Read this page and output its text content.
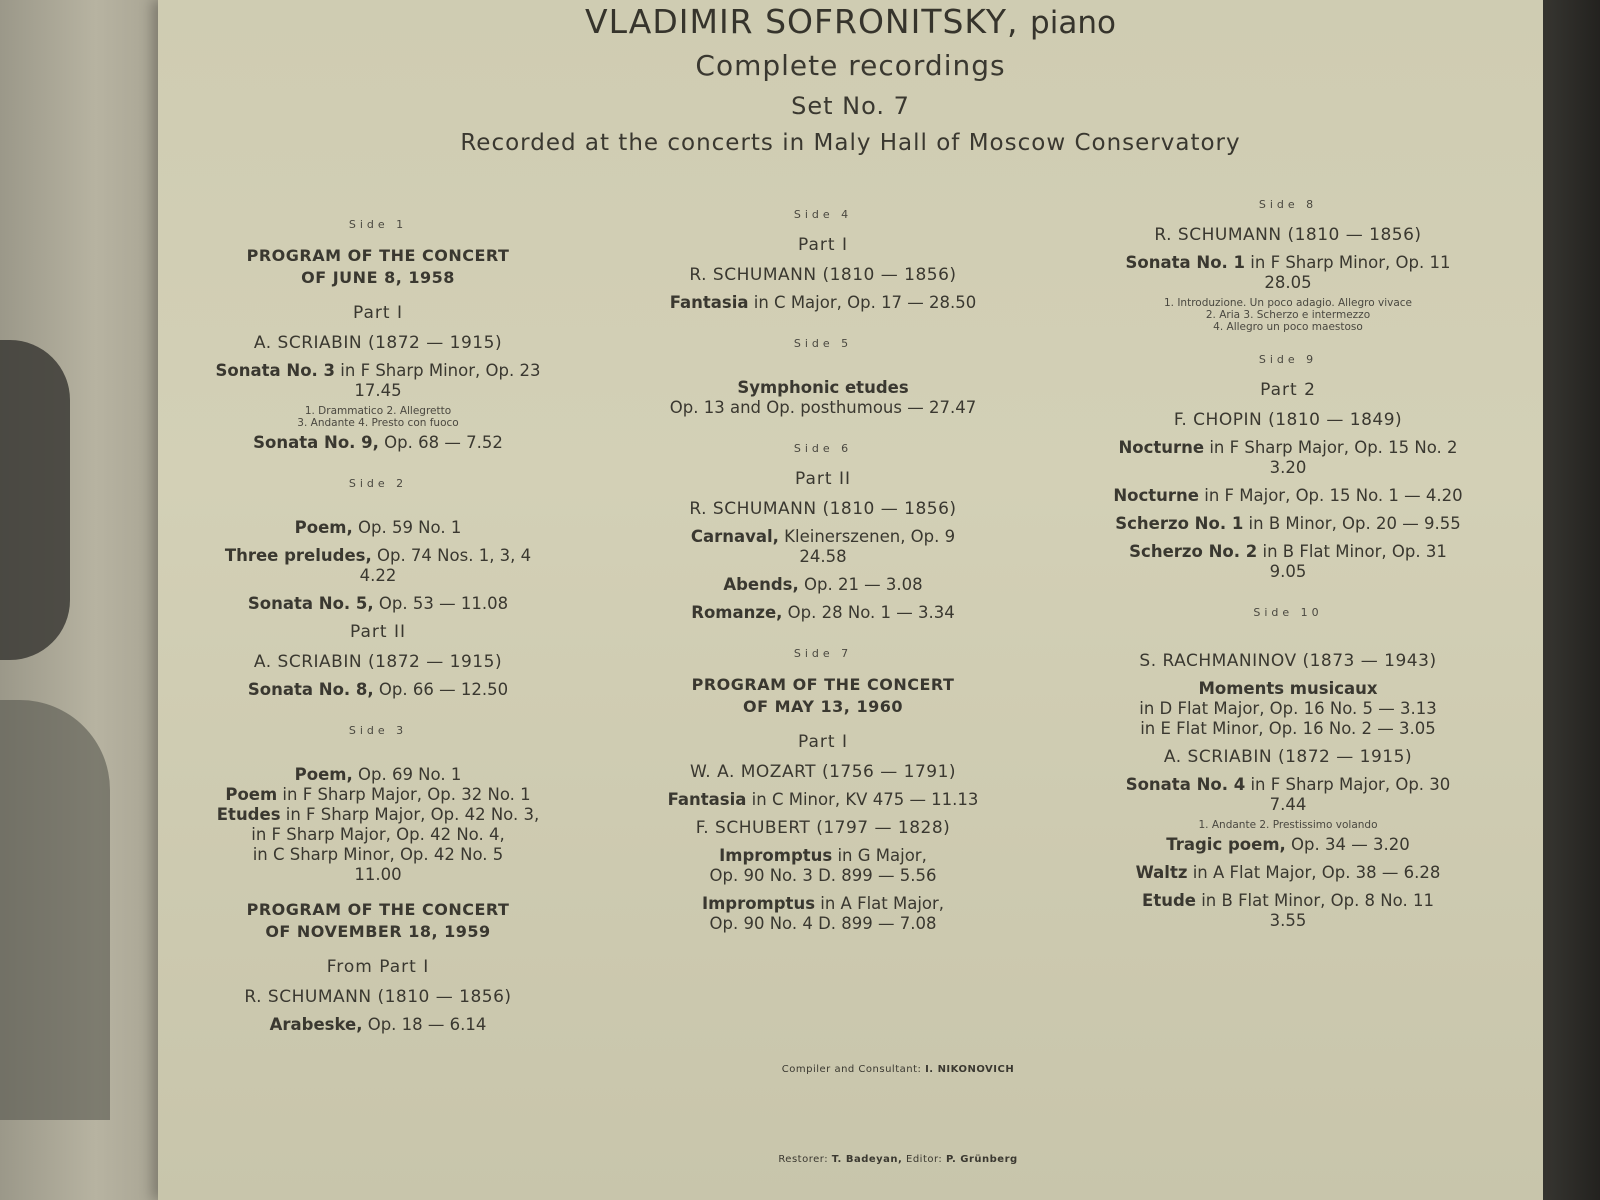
VLADIMIR SOFRONITSKY, piano
Complete recordings
Set No. 7
Recorded at the concerts in Maly Hall of Moscow Conservatory
Side 1
PROGRAM OF THE CONCERT
OF JUNE 8, 1958
Part I
A. SCRIABIN (1872 — 1915)
Sonata No. 3 in F Sharp Minor, Op. 23
17.45
1. Drammatico 2. Allegretto
3. Andante 4. Presto con fuoco
Sonata No. 9, Op. 68 — 7.52
Side 2
Poem, Op. 59 No. 1
Three preludes, Op. 74 Nos. 1, 3, 4
4.22
Sonata No. 5, Op. 53 — 11.08
Part II
A. SCRIABIN (1872 — 1915)
Sonata No. 8, Op. 66 — 12.50
Side 3
Poem, Op. 69 No. 1
Poem in F Sharp Major, Op. 32 No. 1
Etudes in F Sharp Major, Op. 42 No. 3,
in F Sharp Major, Op. 42 No. 4,
in C Sharp Minor, Op. 42 No. 5
11.00
PROGRAM OF THE CONCERT
OF NOVEMBER 18, 1959
From Part I
R. SCHUMANN (1810 — 1856)
Arabeske, Op. 18 — 6.14
Side 4
Part I
R. SCHUMANN (1810 — 1856)
Fantasia in C Major, Op. 17 — 28.50
Side 5
Symphonic etudes
Op. 13 and Op. posthumous — 27.47
Side 6
Part II
R. SCHUMANN (1810 — 1856)
Carnaval, Kleinerszenen, Op. 9
24.58
Abends, Op. 21 — 3.08
Romanze, Op. 28 No. 1 — 3.34
Side 7
PROGRAM OF THE CONCERT
OF MAY 13, 1960
Part I
W. A. MOZART (1756 — 1791)
Fantasia in C Minor, KV 475 — 11.13
F. SCHUBERT (1797 — 1828)
Impromptus in G Major,
Op. 90 No. 3 D. 899 — 5.56
Impromptus in A Flat Major,
Op. 90 No. 4 D. 899 — 7.08
Side 8
R. SCHUMANN (1810 — 1856)
Sonata No. 1 in F Sharp Minor, Op. 11
28.05
1. Introduzione. Un poco adagio. Allegro vivace
2. Aria 3. Scherzo e intermezzo
4. Allegro un poco maestoso
Side 9
Part 2
F. CHOPIN (1810 — 1849)
Nocturne in F Sharp Major, Op. 15 No. 2
3.20
Nocturne in F Major, Op. 15 No. 1 — 4.20
Scherzo No. 1 in B Minor, Op. 20 — 9.55
Scherzo No. 2 in B Flat Minor, Op. 31
9.05
Side 10
S. RACHMANINOV (1873 — 1943)
Moments musicaux
in D Flat Major, Op. 16 No. 5 — 3.13
in E Flat Minor, Op. 16 No. 2 — 3.05
A. SCRIABIN (1872 — 1915)
Sonata No. 4 in F Sharp Major, Op. 30
7.44
1. Andante 2. Prestissimo volando
Tragic poem, Op. 34 — 3.20
Waltz in A Flat Major, Op. 38 — 6.28
Etude in B Flat Minor, Op. 8 No. 11
3.55
Compiler and Consultant: I. NIKONOVICH
Restorer: T. Badeyan, Editor: P. Grünberg
